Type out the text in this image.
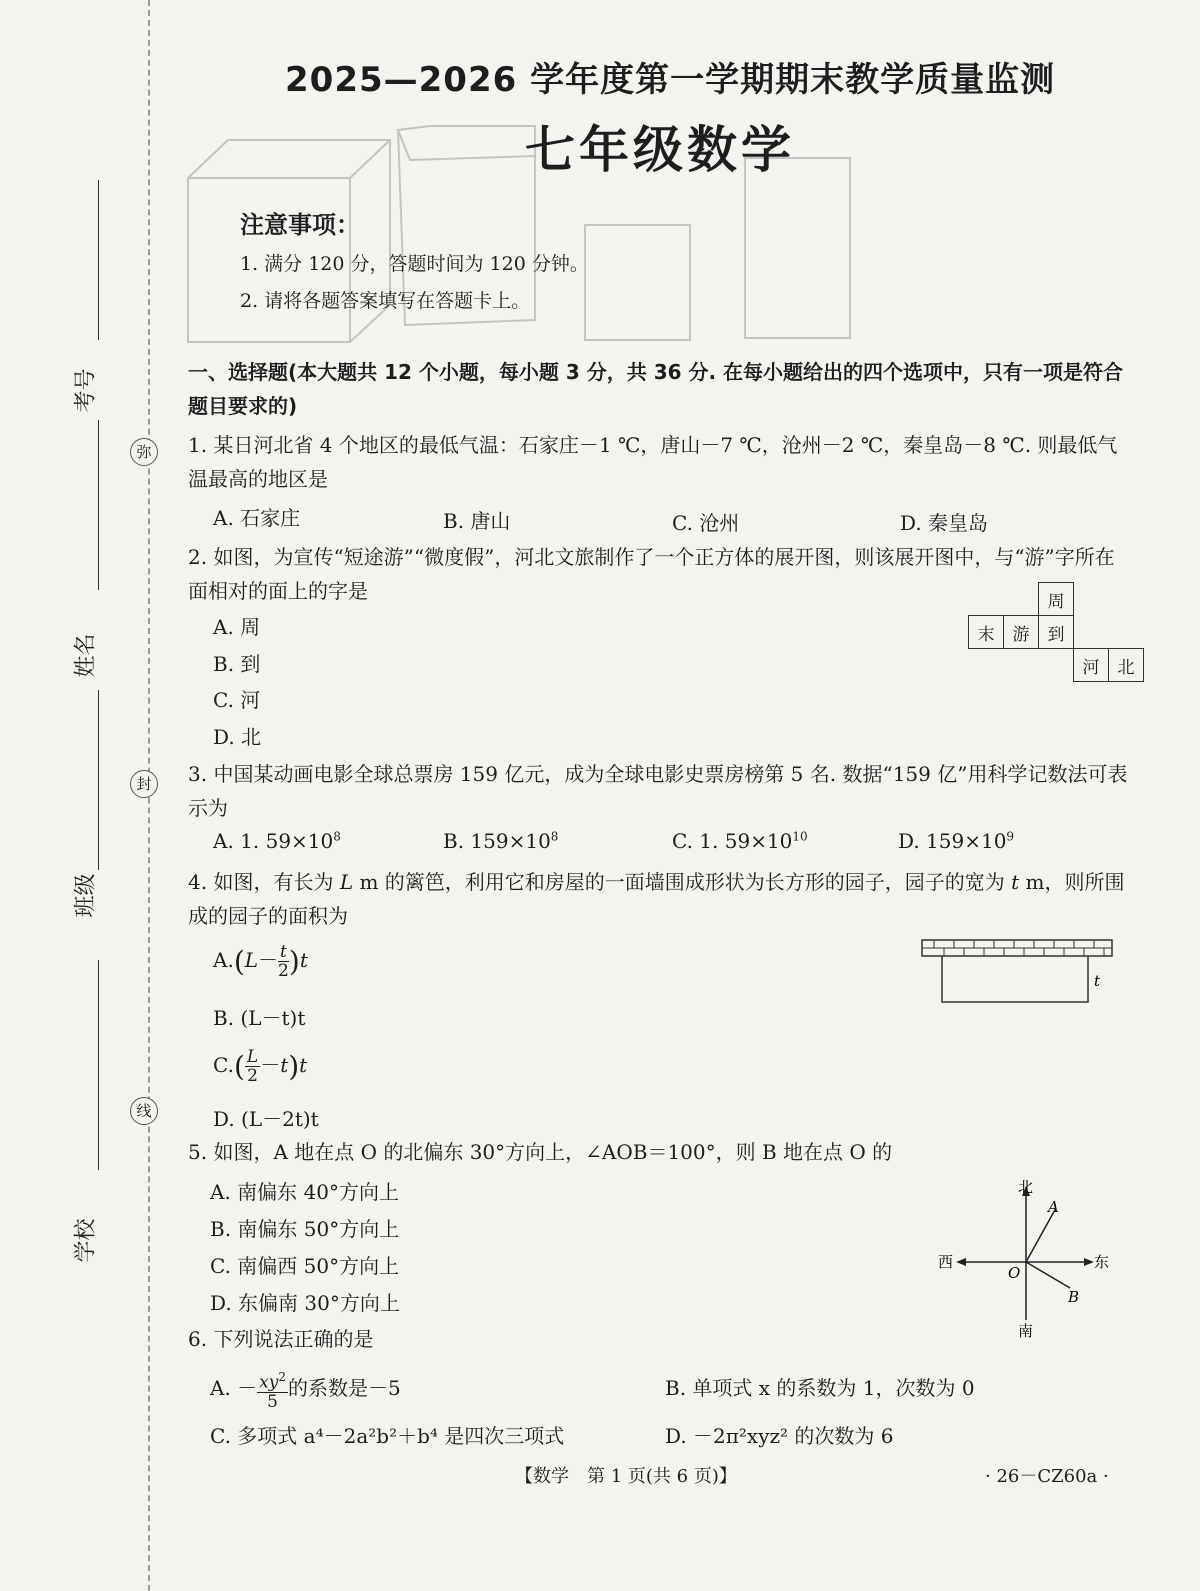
考号
姓名
班级
学校
弥
封
线
2025—2026 学年度第一学期期末教学质量监测
七年级数学
注意事项：
1. 满分 120 分，答题时间为 120 分钟。
2. 请将各题答案填写在答题卡上。
一、选择题(本大题共 12 个小题，每小题 3 分，共 36 分. 在每小题给出的四个选项中，只有一项是符合题目要求的)
1. 某日河北省 4 个地区的最低气温：石家庄－1 ℃，唐山－7 ℃，沧州－2 ℃，秦皇岛－8 ℃. 则最低气温最高的地区是
A. 石家庄	B. 唐山	C. 沧州	D. 秦皇岛
2. 如图，为宣传“短途游”“微度假”，河北文旅制作了一个正方体的展开图，则该展开图中，与“游”字所在面相对的面上的字是
A. 周
B. 到
C. 河
D. 北
		周		
末	游	到		
			河	北
3. 中国某动画电影全球总票房 159 亿元，成为全球电影史票房榜第 5 名. 数据“159 亿”用科学记数法可表示为
A. 1. $59\times 10^8$	B. $159\times 10^8$	C. 1. $59\times 10^{10}$	D. $159\times 10^9$
4. 如图，有长为 L m 的篱笆，利用它和房屋的一面墙围成形状为长方形的园子，园子的宽为 t m，则所围成的园子的面积为
$A.(L- \frac{t}{2} )t$
B. (L－t)t
$C.( \frac{L}{2} -t)t$
D. (L－2t)t
t
5. 如图，A 地在点 O 的北偏东 30°方向上，∠AOB＝100°，则 B 地在点 O 的
A. 南偏东 40°方向上
B. 南偏东 50°方向上
C. 南偏西 50°方向上
D. 东偏南 30°方向上
北
南
东
西
O
A
B
6. 下列说法正确的是
A. － $\frac{xy^2}{5}$ 的系数是－5	B. 单项式 x 的系数为 1，次数为 0
C. 多项式 a⁴－2a²b²＋b⁴ 是四次三项式	D. －2π²xyz² 的次数为 6
【数学　第 1 页(共 6 页)】	· 26－CZ60a ·
